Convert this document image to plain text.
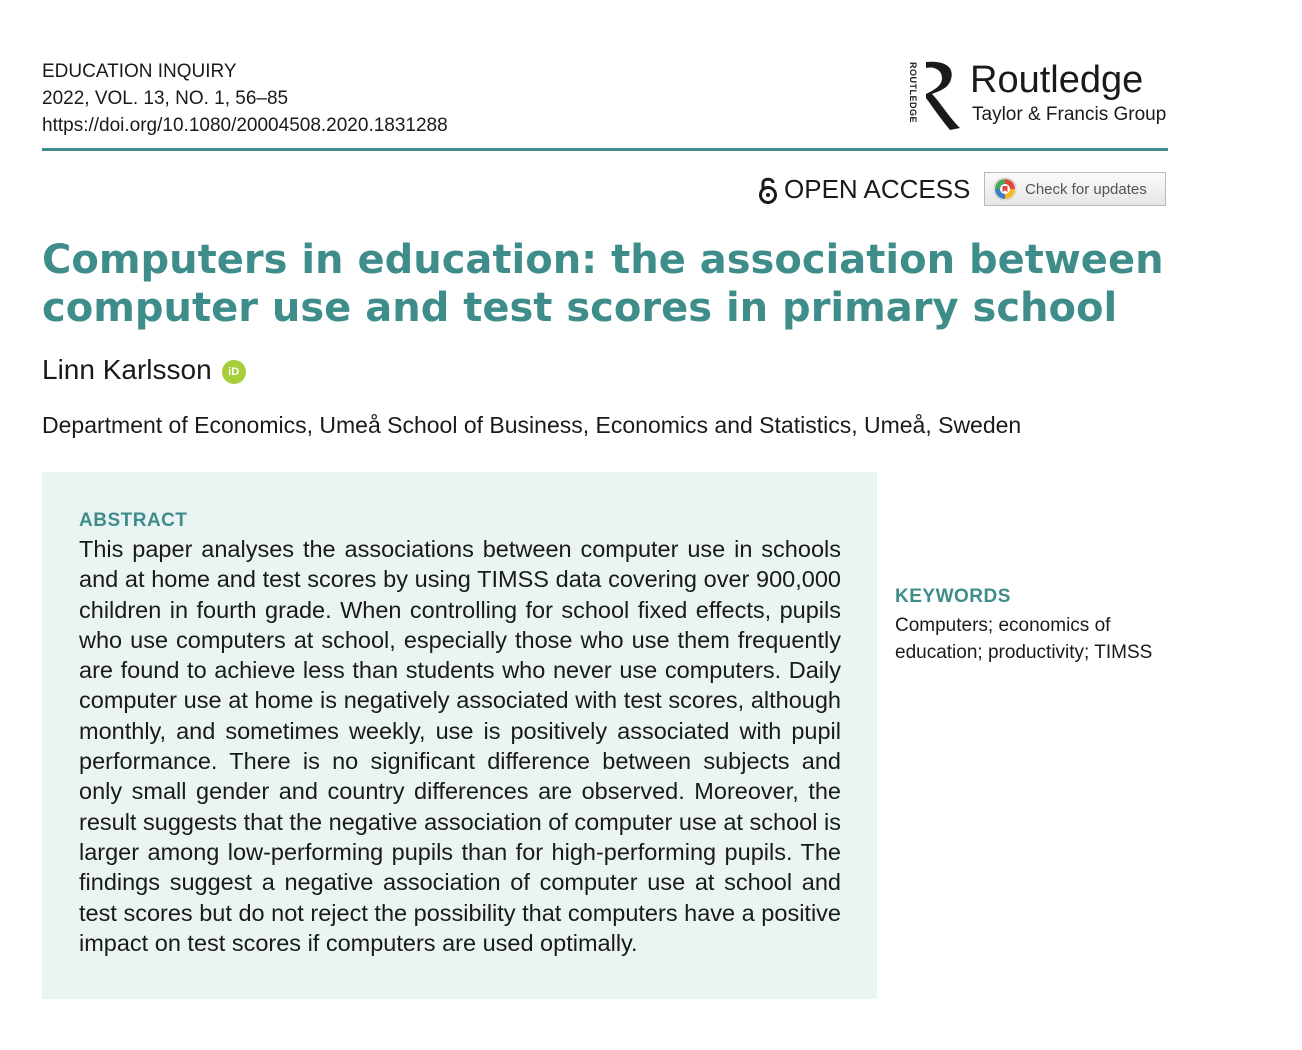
EDUCATION INQUIRY
2022, VOL. 13, NO. 1, 56–85
https://doi.org/10.1080/20004508.2020.1831288
ROUTLEDGE Routledge
Taylor & Francis Group
OPEN ACCESS	Check for updates
Computers in education: the association between computer use and test scores in primary school
Linn Karlsson	iD
Department of Economics, Umeå School of Business, Economics and Statistics, Umeå, Sweden
ABSTRACT

This paper analyses the associations between computer use in schools and at home and test scores by using TIMSS data covering over 900,000 children in fourth grade. When controlling for school fixed effects, pupils who use computers at school, especially those who use them frequently are found to achieve less than students who never use computers. Daily computer use at home is negatively associated with test scores, although monthly, and sometimes weekly, use is positively associated with pupil performance. There is no significant difference between subjects and only small gender and country differences are observed. Moreover, the result suggests that the negative association of computer use at school is larger among low-performing pupils than for high-performing pupils. The findings suggest a negative association of computer use at school and test scores but do not reject the possibility that computers have a positive impact on test scores if computers are used optimally.

KEYWORDS
Computers; economics of education; productivity; TIMSS
